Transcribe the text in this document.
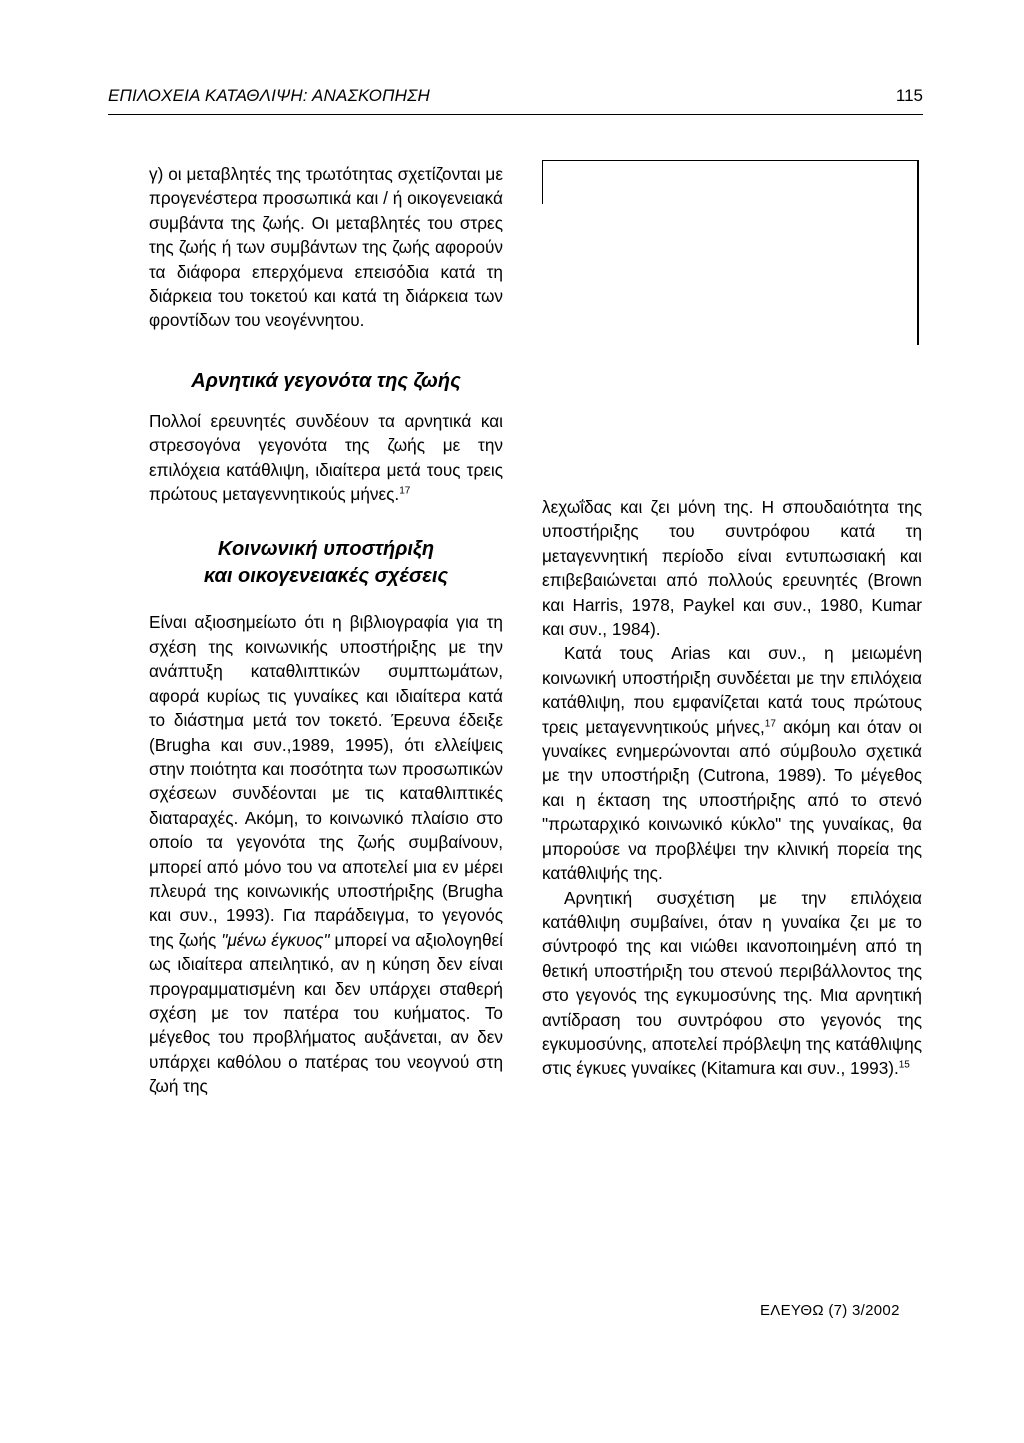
ΕΠΙΛΟΧΕΙΑ ΚΑΤΑΘΛΙΨΗ: ΑΝΑΣΚΟΠΗΣΗ	115

γ) οι μεταβλητές της τρωτότητας σχετίζονται με προγενέστερα προσωπικά και / ή οικογενειακά συμβάντα της ζωής. Οι μεταβλητές του στρες της ζωής ή των συμβάντων της ζωής αφορούν τα διάφορα επερχόμενα επεισόδια κατά τη διάρκεια του τοκετού και κατά τη διάρκεια των φροντίδων του νεογέννητου.

Αρνητικά γεγονότα της ζωής

Πολλοί ερευνητές συνδέουν τα αρνητικά και στρεσογόνα γεγονότα της ζωής με την επιλόχεια κατάθλιψη, ιδιαίτερα μετά τους τρεις πρώτους μεταγεννητικούς μήνες.$^{17}$

Κοινωνική υποστήριξη
και οικογενειακές σχέσεις

Είναι αξιοσημείωτο ότι η βιβλιογραφία για τη σχέση της κοινωνικής υποστήριξης με την ανάπτυξη καταθλιπτικών συμπτωμάτων, αφορά κυρίως τις γυναίκες και ιδιαίτερα κατά το διάστημα μετά τον τοκετό. Έρευνα έδειξε (Brugha και συν.,1989, 1995), ότι ελλείψεις στην ποιότητα και ποσότητα των προσωπικών σχέσεων συνδέονται με τις καταθλιπτικές διαταραχές. Ακόμη, το κοινωνικό πλαίσιο στο οποίο τα γεγονότα της ζωής συμβαίνουν, μπορεί από μόνο του να αποτελεί μια εν μέρει πλευρά της κοινωνικής υποστήριξης (Brugha και συν., 1993). Για παράδειγμα, το γεγονός της ζωής "μένω έγκυος" μπορεί να αξιολογηθεί ως ιδιαίτερα απειλητικό, αν η κύηση δεν είναι προγραμματισμένη και δεν υπάρχει σταθερή σχέση με τον πατέρα του κυήματος. Το μέγεθος του προβλήματος αυξάνεται, αν δεν υπάρχει καθόλου ο πατέρας του νεογνού στη ζωή της

λεχωΐδας και ζει μόνη της. Η σπουδαιότητα της υποστήριξης του συντρόφου κατά τη μεταγεννητική περίοδο είναι εντυπωσιακή και επιβεβαιώνεται από πολλούς ερευνητές (Brown και Harris, 1978, Paykel και συν., 1980, Kumar και συν., 1984).

Κατά τους Arias και συν., η μειωμένη κοινωνική υποστήριξη συνδέεται με την επιλόχεια κατάθλιψη, που εμφανίζεται κατά τους πρώτους τρεις μεταγεννητικούς μήνες,$^{17}$ ακόμη και όταν οι γυναίκες ενημερώνονται από σύμβουλο σχετικά με την υποστήριξη (Cutrona, 1989). Το μέγεθος και η έκταση της υποστήριξης από το στενό "πρωταρχικό κοινωνικό κύκλο" της γυναίκας, θα μπορούσε να προβλέψει την κλινική πορεία της κατάθλιψής της.

Αρνητική συσχέτιση με την επιλόχεια κατάθλιψη συμβαίνει, όταν η γυναίκα ζει με το σύντροφό της και νιώθει ικανοποιημένη από τη θετική υποστήριξη του στενού περιβάλλοντος της στο γεγονός της εγκυμοσύνης της. Μια αρνητική αντίδραση του συντρόφου στο γεγονός της εγκυμοσύνης, αποτελεί πρόβλεψη της κατάθλιψης στις έγκυες γυναίκες (Kitamura και συν., 1993).$^{15}$

ΕΛΕΥΘΩ (7) 3/2002
